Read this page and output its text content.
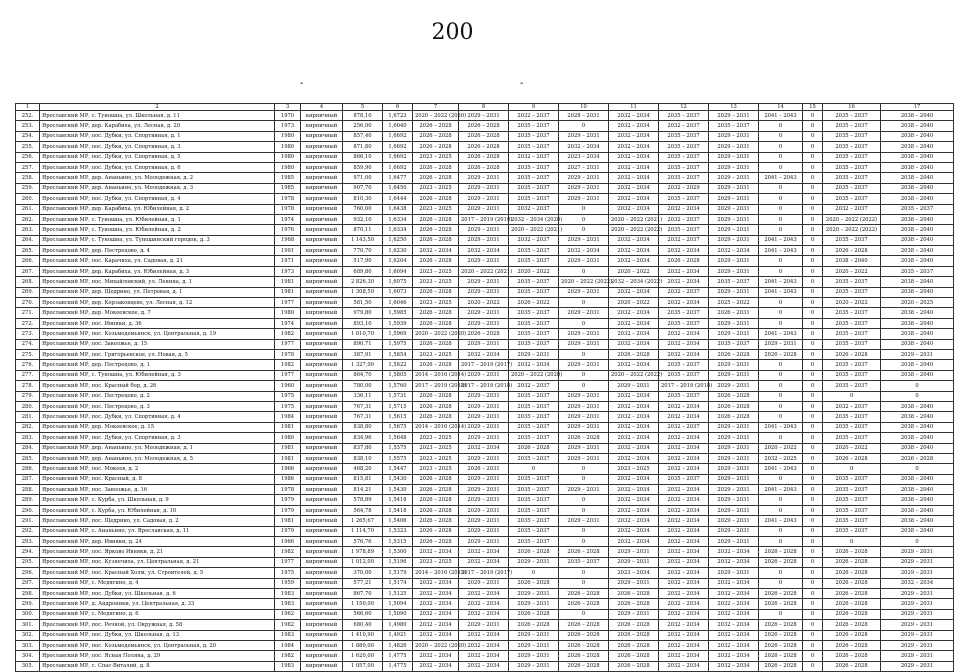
200
-	-
1	2	3	4	5	6	7	8	9	10	11	12	13	14	15	16	17
252.	Ярославский МР, с. Туношна, ул. Школьная, д. 11	1970	кирпичный	878,10	1,6723	2020 – 2022 (2020)	2029 – 2031	2032 – 2037	2028 – 2031	2032 – 2034	2035 – 2037	2029 – 2031	2041 – 2043	0	2035 – 2037	2038 – 2040
253.	Ярославский МР, дер. Карабиха, ул. Лесная, д. 20	1973	кирпичный	256,00	1,6040	2026 – 2028	2026 – 2028	2035 – 2037	0	2032 – 2034	2032 – 2037	2035 – 2037	0	0	2035 – 2037	2038 – 2040
254.	Ярославский МР, пос. Дубки, ул. Спортивная, д. 1	1980	кирпичный	857,40	1,6692	2026 – 2028	2026 – 2028	2035 – 2037	2029 – 2031	2032 – 2034	2035 – 2037	2029 – 2031	0	0	2035 – 2037	2038 – 2040
255.	Ярославский МР, пос. Дубки, ул. Спортивная, д. 3	1980	кирпичный	871,80	1,6692	2026 – 2028	2026 – 2028	2035 – 2037	2032 – 2034	2032 – 2034	2035 – 2037	2029 – 2031	0	0	2035 – 2037	2038 – 2040
256.	Ярославский МР, пос. Дубки, ул. Спортивная, д. 5	1980	кирпичный	866,10	1,6692	2023 – 2025	2026 – 2028	2032 – 2037	2023 – 2034	2032 – 2034	2035 – 2037	2029 – 2031	0	0	2035 – 2037	2038 – 2040
257.	Ярославский МР, пос. Дубки, ул. Спортивная, д. 6	1980	кирпичный	859,90	1,6692	2026 – 2028	2026 – 2028	2035 – 2037	2027 – 2031	2032 – 2034	2035 – 2037	2029 – 2031	0	0	2035 – 2037	2038 – 2040
258.	Ярославский МР, дер. Ананьино, ул. Молодежная, д. 2	1985	кирпичный	971,00	1,6477	2026 – 2028	2029 – 2031	2035 – 2037	2029 – 2031	2032 – 2034	2035 – 2037	2029 – 2031	2041 – 2043	0	2035 – 2037	2038 – 2040
259.	Ярославский МР, дер. Ананьино, ул. Молодежная, д. 3	1985	кирпичный	907,70	1,6450	2023 – 2025	2029 – 2031	2035 – 2037	2029 – 2031	2032 – 2034	2032 – 2029	2029 – 2031	0	0	2035 – 2037	2038 – 2040
260.	Ярославский МР, пос. Дубки, ул. Спортивная, д. 4	1978	кирпичный	810,30	1,6444	2026 – 2028	2029 – 2031	2035 – 2037	2029 – 2031	2032 – 2034	2035 – 2037	2029 – 2031	0	0	2035 – 2037	2038 – 2040
261.	Ярославский МР, дер. Карабиха, ул. Юбилейная, д. 2	1978	кирпичный	760,60	1,6438	2023 – 2025	2029 – 2031	2032 – 2037	0	2032 – 2034	2032 – 2034	2029 – 2031	0	0	2032 – 2037	2035 – 2037
262.	Ярославский МР, с. Туношна, ул. Юбилейная, д. 1	1974	кирпичный	932,10	1,6334	2026 – 2028	2017 – 2019 (2019)	2032 – 2034 (2020)	0	2020 – 2022 (2021)	2032 – 2037	2029 – 2031	0	0	2020 – 2022 (2022)	2038 – 2040
263.	Ярославский МР, с. Туношна, ул. Юбилейная, д. 2	1976	кирпичный	870,11	1,6334	2026 – 2028	2029 – 2031	2020 – 2022 (2021)	0	2020 – 2022 (2022)	2035 – 2037	2029 – 2031	0	0	2020 – 2022 (2022)	2038 – 2040
264.	Ярославский МР, с. Туношна, ул. Туношинский городок, д. 3	1968	кирпичный	1 143,50	1,6250	2026 – 2028	2029 – 2031	2032 – 2037	2029 – 2031	2032 – 2034	2032 – 2037	2029 – 2031	2041 – 2043	0	2035 – 2037	2038 – 2040
265.	Ярославский МР, дер. Пестрецово, д. 4	1991	кирпичный	770,70	1,6230	2032 – 2034	2032 – 2034	2035 – 2037	2032 – 2034	2032 – 2034	2032 – 2034	2032 – 2034	2041 – 2043	0	2026 – 2028	2038 – 2040
266.	Ярославский МР, пос. Карачиха, ул. Садовая, д. 21	1971	кирпичный	517,90	1,6204	2026 – 2028	2029 – 2031	2035 – 2037	2029 – 2031	2032 – 2034	2026 – 2028	2029 – 2031	0	0	2038 – 2040	2038 – 2040
267.	Ярославский МР, дер. Карабиха, ул. Юбилейная, д. 3	1973	кирпичный	689,80	1,6094	2023 – 2025	2020 – 2022 (2021)	2020 – 2022	0	2020 – 2022	2032 – 2034	2029 – 2031	0	0	2020 – 2022	2035 – 2037
268.	Ярославский МР, пос. Михайловский, ул. Ленина, д. 1	1981	кирпичный	2 826,30	1,6075	2023 – 2025	2029 – 2031	2035 – 2037	2020 – 2022 (2022)	2032 – 2034 (2022)	2032 – 2034	2035 – 2037	2041 – 2043	0	2035 – 2037	2038 – 2040
269.	Ярославский МР, дер. Щедрино, ул. Петровая, д. 1	1981	кирпичный	1 308,50	1,6073	2026 – 2028	2029 – 2031	2035 – 2037	2029 – 2031	2032 – 2034	2032 – 2037	2029 – 2031	2041 – 2043	0	2035 – 2037	2038 – 2040
270.	Ярославский МР, дер. Корзаковцево, ул. Лесная, д. 12	1977	кирпичный	581,50	1,6046	2023 – 2025	2020 – 2022	2026 – 2022	0	2020 – 2022	2032 – 2034	2025 – 2022	0	0	2020 – 2022	2020 – 2025
271.	Ярославский МР, дер. Мокеевское, д. 7	1980	кирпичный	979,80	1,5985	2026 – 2028	2029 – 2031	2035 – 2037	2029 – 2031	2032 – 2034	2035 – 2037	2026 – 2031	0	0	2035 – 2037	2038 – 2040
272.	Ярославский МР, пос. Ивняки, д. 36	1974	кирпичный	893,10	1,5939	2026 – 2028	2029 – 2031	2035 – 2037	0	2032 – 2034	2035 – 2037	2029 – 2031	0	0	2035 – 2037	2038 – 2040
273.	Ярославский МР, пос. Козьмодемьянск, ул. Центральная, д. 19	1982	кирпичный	1 010,70	1,5969	2020 – 2022 (2020)	2026 – 2028	2035 – 2037	2029 – 2031	2032 – 2034	2032 – 2034	2029 – 2031	2041 – 2043	0	2035 – 2037	2038 – 2040
274.	Ярославский МР, пос. Заволжье, д. 15	1977	кирпичный	890,71	1,5975	2026 – 2028	2029 – 2031	2035 – 2037	2029 – 2031	2032 – 2034	2032 – 2034	2035 – 2037	2029 – 2031	0	2035 – 2037	2038 – 2040
275.	Ярославский МР, пос. Григорьевское, ул. Новая, д. 5	1978	кирпичный	387,91	1,5854	2023 – 2025	2032 – 2034	2029 – 2031	0	2026 – 2028	2032 – 2034	2026 – 2028	2026 – 2028	0	2026 – 2028	2029 – 2031
276.	Ярославский МР, дер. Пестрецово, д. 1	1982	кирпичный	1 327,00	1,5822	2026 – 2028	2017 – 2019 (2017)	2032 – 2034	2029 – 2031	2032 – 2034	2035 – 2037	2029 – 2031	0	0	2035 – 2037	2038 – 2040
277.	Ярославский МР, с. Туношна, ул. Юбилейная, д. 3	1977	кирпичный	864,70	1,5805	2014 – 2016 (2014)	2029 – 2031	2020 – 2022 (2020)	0	2020 – 2022 (2022)	2035 – 2037	2029 – 2031	0	0	2035 – 2037	2038 – 2040
278.	Ярославский МР, пос. Красный бор, д. 26	1960	кирпичный	780,00	1,5760	2017 – 2019 (2018)	2017 – 2019 (2018)	2032 – 2037	0	2029 – 2031	2017 – 2019 (2018)	2029 – 2031	0	0	2035 – 2037	0
279.	Ярославский МР, пос. Пестрецово, д. 2	1975	кирпичный	336,11	1,5731	2026 – 2028	2029 – 2031	2035 – 2037	2029 – 2031	2032 – 2034	2035 – 2037	2026 – 2028	0	0	0	0
280.	Ярославский МР, пос. Пестрецово, д. 3	1975	кирпичный	767,31	1,5715	2026 – 2028	2029 – 2031	2035 – 2037	2029 – 2031	2032 – 2034	2032 – 2034	2026 – 2028	0	0	2032 – 2037	2038 – 2040
281.	Ярославский МР, пос. Дубки, ул. Спортивная, д. 4	1984	кирпичный	767,31	1,5615	2026 – 2028	2029 – 2031	2035 – 2037	2029 – 2031	2032 – 2034	2032 – 2034	2026 – 2028	0	0	2035 – 2037	2038 – 2040
282.	Ярославский МР, дер. Мокеевское, д. 15	1981	кирпичный	838,80	1,5675	2014 – 2016 (2014)	2029 – 2031	2035 – 2037	2029 – 2031	2032 – 2034	2032 – 2037	2029 – 2031	2041 – 2043	0	2035 – 2037	2038 – 2040
283.	Ярославский МР, пос. Дубки, ул. Спортивная, д. 3	1980	кирпичный	834,96	1,5648	2023 – 2025	2029 – 2031	2035 – 2037	2026 – 2028	2032 – 2034	2032 – 2034	2029 – 2031	0	0	2035 – 2037	2038 – 2040
284.	Ярославский МР, дер. Ананьино, ул. Молодежная, д. 1	1981	кирпичный	837,80	1,5575	2023 – 2025	2032 – 2034	2026 – 2028	2029 – 2031	2032 – 2034	2032 – 2034	2029 – 2031	2020 – 2022	0	2020 – 2022	2038 – 2040
285.	Ярославский МР, дер. Ананьино, ул. Молодежная, д. 5	1981	кирпичный	838,10	1,5575	2023 – 2025	2029 – 2031	2035 – 2037	2029 – 2031	2032 – 2034	2032 – 2034	2029 – 2031	2032 – 2025	0	2026 – 2028	2026 – 2028
286.	Ярославский МР, пос. Мокеев, д. 2	1966	кирпичный	468,20	1,5447	2023 – 2025	2026 – 2031	0	0	2023 – 2025	2032 – 2034	2029 – 2031	2041 – 2043	0	0	0
287.	Ярославский МР, пос. Красный, д. 8	1986	кирпичный	815,81	1,5430	2026 – 2028	2029 – 2031	2035 – 2037	0	2032 – 2034	2035 – 2037	2029 – 2031	0	0	2035 – 2037	2038 – 2040
288.	Ярославский МР, пос. Заволжье, д. 16	1978	кирпичный	814,21	1,5430	2026 – 2028	2029 – 2031	2035 – 2037	2029 – 2031	2032 – 2034	2032 – 2034	2029 – 2031	2041 – 2043	0	2035 – 2037	2038 – 2040
289.	Ярославский МР, с. Курба, ул. Школьная, д. 9	1979	кирпичный	578,89	1,5418	2026 – 2028	2029 – 2031	2035 – 2037	0	2032 – 2034	2032 – 2034	2029 – 2031	0	0	2035 – 2037	2038 – 2040
290.	Ярославский МР, с. Курба, ул. Юбилейная, д. 10	1979	кирпичный	564,78	1,5418	2026 – 2028	2029 – 2031	2035 – 2037	0	2032 – 2034	2032 – 2034	2029 – 2031	0	0	2035 – 2037	2038 – 2040
291.	Ярославский МР, пос. Щедрино, ул. Садовая, д. 2	1981	кирпичный	1 265,67	1,5406	2026 – 2028	2029 – 2031	2035 – 2037	2029 – 2031	2032 – 2034	2032 – 2034	2029 – 2031	2041 – 2043	0	2035 – 2037	2038 – 2040
292.	Ярославский МР, с. Ананьино, ул. Ярославская, д. 11	1979	кирпичный	1 114,70	1,5323	2026 – 2028	2029 – 2031	2035 – 2037	0	2032 – 2034	2032 – 2034	2029 – 2031	0	0	2035 – 2037	2038 – 2040
293.	Ярославский МР, дер. Ивняки, д. 24	1966	кирпичный	576,76	1,5315	2026 – 2028	2029 – 2031	2035 – 2037	0	2032 – 2034	2032 – 2034	2029 – 2031	0	0	0	0
294.	Ярославский МР, пос. Ярково Ивняки, д. 21	1982	кирпичный	1 978,89	1,5300	2032 – 2034	2032 – 2034	2026 – 2028	2026 – 2028	2029 – 2031	2032 – 2034	2032 – 2034	2026 – 2028	0	2026 – 2028	2029 – 2031
295.	Ярославский МР, пос. Кузнечиха, ул. Центральная, д. 21	1977	кирпичный	1 012,00	1,5196	2023 – 2025	2032 – 2034	2029 – 2031	2035 – 2037	2029 – 2031	2032 – 2034	2032 – 2034	2026 – 2028	0	2026 – 2028	2029 – 2031
296.	Ярославский МР, пос. Красный Холм, ул. Строителей, д. 5	1975	кирпичный	370,00	1,5179	2014 – 2016 (2015)	2017 – 2019 (2017)	0	0	2023 – 2034	2032 – 2034	2029 – 2031	0	0	2026 – 2028	2029 – 2031
297.	Ярославский МР, с. Медягино, д. 4	1959	кирпичный	577,21	1,5174	2032 – 2034	2029 – 2031	2026 – 2028	0	2029 – 2031	2032 – 2034	2032 – 2034	0	0	2026 – 2028	2032 – 2034
298.	Ярославский МР, пос. Дубки, ул. Школьная, д. 6	1983	кирпичный	867,70	1,5125	2032 – 2034	2032 – 2034	2029 – 2031	2026 – 2028	2026 – 2028	2032 – 2034	2032 – 2034	2026 – 2028	0	2026 – 2028	2029 – 2031
299.	Ярославский МР, д. Андроники, ул. Центральная, д. 33	1983	кирпичный	1 150,00	1,5094	2032 – 2034	2032 – 2034	2029 – 2031	2026 – 2028	2026 – 2028	2032 – 2034	2032 – 2034	2026 – 2028	0	2026 – 2028	2029 – 2031
300.	Ярославский МР, с. Медягино, д. 6	1962	кирпичный	566,60	1,5090	2032 – 2034	2032 – 2034	2026 – 2028	0	2029 – 2031	2032 – 2034	2032 – 2034	0	0	2026 – 2028	2029 – 2031
301.	Ярославский МР, пос. Речной, ул. Окружная, д. 58	1982	кирпичный	680,40	1,4980	2032 – 2034	2029 – 2031	2026 – 2028	2026 – 2028	2026 – 2028	2032 – 2034	2032 – 2034	2026 – 2028	0	2026 – 2028	2029 – 2031
302.	Ярославский МР, пос. Дубки, ул. Школьная, д. 13	1983	кирпичный	1 410,90	1,4921	2032 – 2034	2032 – 2034	2029 – 2031	2026 – 2028	2026 – 2028	2032 – 2034	2032 – 2034	2026 – 2028	0	2026 – 2028	2029 – 2031
303.	Ярославский МР, пос. Козьмодемьянск, ул. Центральная, д. 20	1984	кирпичный	1 880,00	1,4826	2020 – 2022 (2020)	2032 – 2034	2029 – 2031	2026 – 2028	2026 – 2028	2032 – 2034	2032 – 2034	2026 – 2028	0	2026 – 2028	2029 – 2031
304.	Ярославский МР, пос. Ясная Поляна, д. 29	1982	кирпичный	1 620,00	1,4775	2032 – 2034	2032 – 2034	2029 – 2031	2026 – 2028	2026 – 2028	2032 – 2034	2032 – 2034	2026 – 2028	0	2026 – 2028	2029 – 2031
305.	Ярославский МР, с. Спас-Виталий, д. 8	1983	кирпичный	1 057,00	1,4775	2032 – 2034	2032 – 2034	2029 – 2031	2026 – 2028	2026 – 2028	2032 – 2034	2032 – 2034	2026 – 2028	0	2026 – 2028	2029 – 2031
